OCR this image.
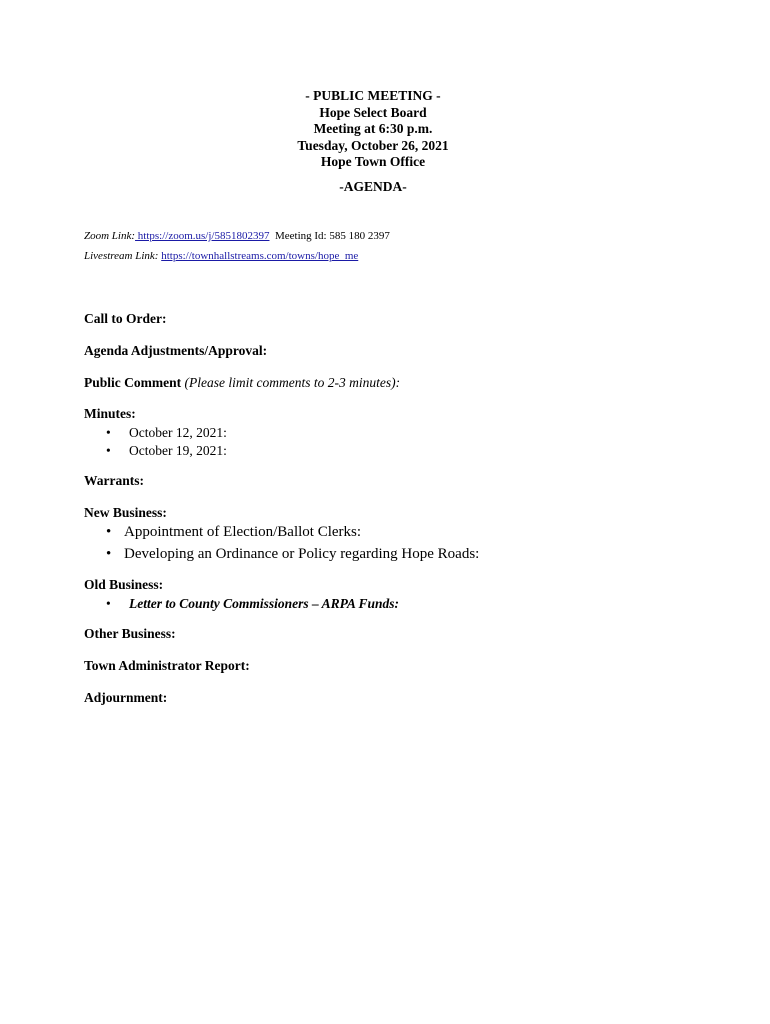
- PUBLIC MEETING -
Hope Select Board
Meeting at 6:30 p.m.
Tuesday, October 26, 2021
Hope Town Office
-AGENDA-
Zoom Link: https://zoom.us/j/5851802397  Meeting Id: 585 180 2397
Livestream Link: https://townhallstreams.com/towns/hope_me
Call to Order:
Agenda Adjustments/Approval:
Public Comment (Please limit comments to 2-3 minutes):
Minutes:
• October 12, 2021:
• October 19, 2021:
Warrants:
New Business:
• Appointment of Election/Ballot Clerks:
• Developing an Ordinance or Policy regarding Hope Roads:
Old Business:
• Letter to County Commissioners – ARPA Funds:
Other Business:
Town Administrator Report:
Adjournment:
